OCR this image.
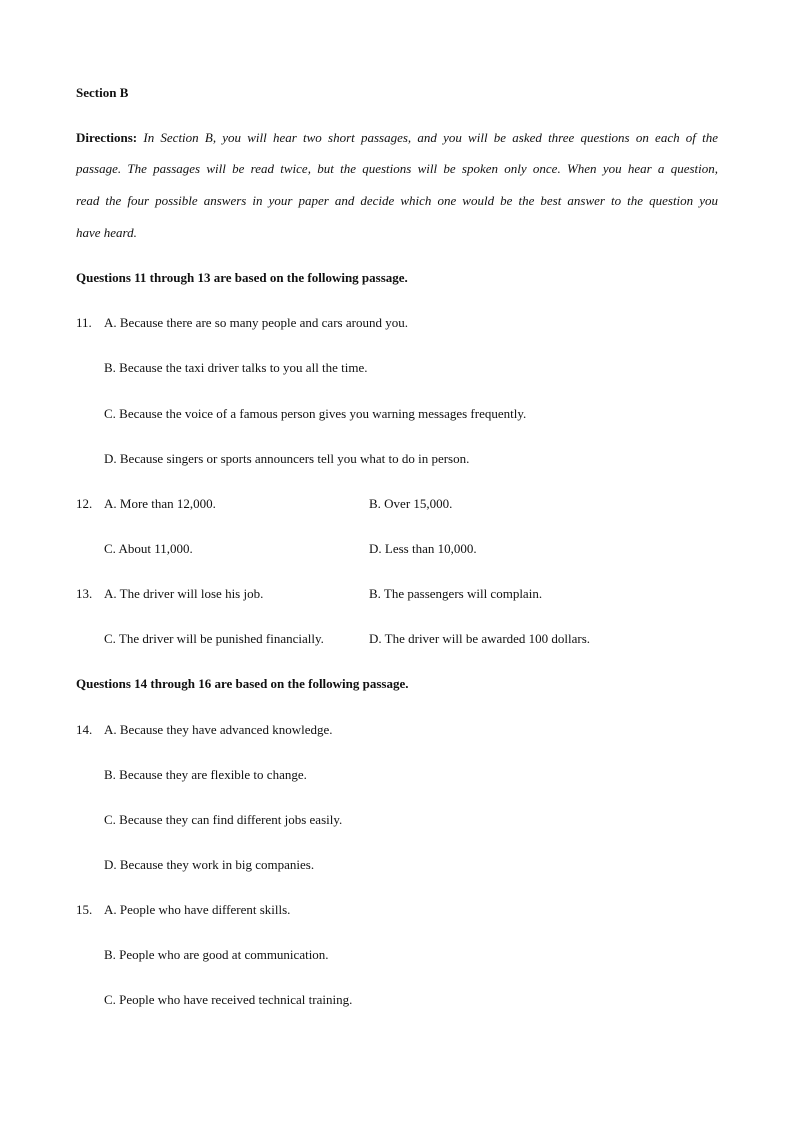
Section B
Directions: In Section B, you will hear two short passages, and you will be asked three questions on each of the
passage. The passages will be read twice, but the questions will be spoken only once. When you hear a question,
read the four possible answers in your paper and decide which one would be the best answer to the question you
have heard.
Questions 11 through 13 are based on the following passage.
11. A. Because there are so many people and cars around you.
B. Because the taxi driver talks to you all the time.
C. Because the voice of a famous person gives you warning messages frequently.
D. Because singers or sports announcers tell you what to do in person.
12. A. More than 12,000.	B. Over 15,000.
C. About 11,000.	D. Less than 10,000.
13. A. The driver will lose his job.	B. The passengers will complain.
C. The driver will be punished financially.	D. The driver will be awarded 100 dollars.
Questions 14 through 16 are based on the following passage.
14. A. Because they have advanced knowledge.
B. Because they are flexible to change.
C. Because they can find different jobs easily.
D. Because they work in big companies.
15. A. People who have different skills.
B. People who are good at communication.
C. People who have received technical training.
